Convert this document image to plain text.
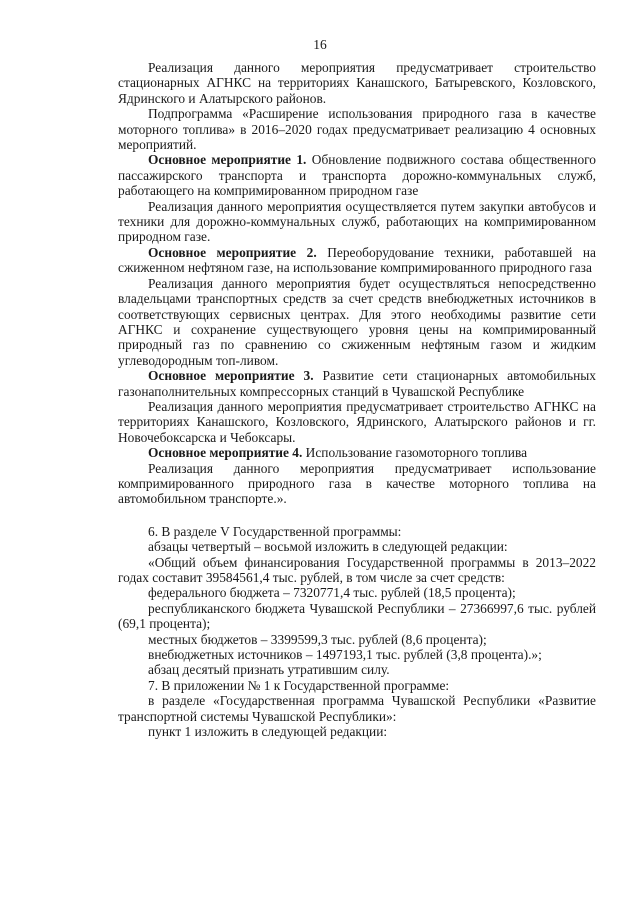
16

Реализация данного мероприятия предусматривает строительство стационарных АГНКС на территориях Канашского, Батыревского, Козловского, Ядринского и Алатырского районов.

Подпрограмма «Расширение использования природного газа в качестве моторного топлива» в 2016–2020 годах предусматривает реализацию 4 основных мероприятий.

Основное мероприятие 1. Обновление подвижного состава общественного пассажирского транспорта и транспорта дорожно-коммунальных служб, работающего на компримированном природном газе

Реализация данного мероприятия осуществляется путем закупки автобусов и техники для дорожно-коммунальных служб, работающих на компримированном природном газе.

Основное мероприятие 2. Переоборудование техники, работавшей на сжиженном нефтяном газе, на использование компримированного природного газа

Реализация данного мероприятия будет осуществляться непосредственно владельцами транспортных средств за счет средств внебюджетных источников в соответствующих сервисных центрах. Для этого необходимы развитие сети АГНКС и сохранение существующего уровня цены на компримированный природный газ по сравнению со сжиженным нефтяным газом и жидким углеводородным топ-ливом.

Основное мероприятие 3. Развитие сети стационарных автомобильных газонаполнительных компрессорных станций в Чувашской Республике

Реализация данного мероприятия предусматривает строительство АГНКС на территориях Канашского, Козловского, Ядринского, Алатырского районов и гг. Новочебоксарска и Чебоксары.

Основное мероприятие 4. Использование газомоторного топлива

Реализация данного мероприятия предусматривает использование компримированного природного газа в качестве моторного топлива на автомобильном транспорте.».

6. В разделе V Государственной программы:

абзацы четвертый – восьмой изложить в следующей редакции:

«Общий объем финансирования Государственной программы в 2013–2022 годах составит 39584561,4 тыс. рублей, в том числе за счет средств:

федерального бюджета – 7320771,4 тыс. рублей (18,5 процента);

республиканского бюджета Чувашской Республики – 27366997,6 тыс. рублей (69,1 процента);

местных бюджетов – 3399599,3 тыс. рублей (8,6 процента);

внебюджетных источников – 1497193,1 тыс. рублей (3,8 процента).»;

абзац десятый признать утратившим силу.

7. В приложении № 1 к Государственной программе:

в разделе «Государственная программа Чувашской Республики «Развитие транспортной системы Чувашской Республики»:

пункт 1 изложить в следующей редакции:
